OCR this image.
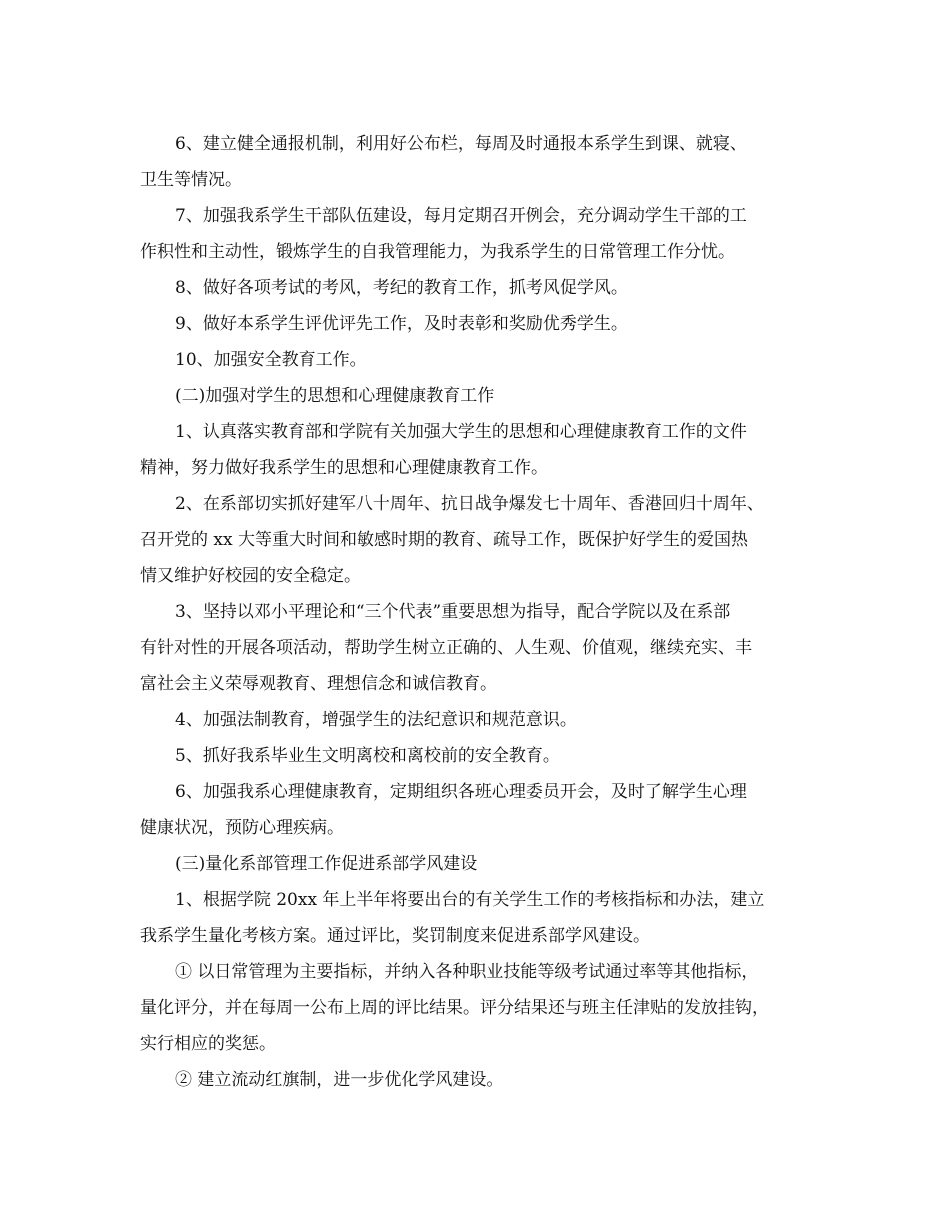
6、建立健全通报机制，利用好公布栏，每周及时通报本系学生到课、就寝、
卫生等情况。
7、加强我系学生干部队伍建设，每月定期召开例会，充分调动学生干部的工
作积性和主动性，锻炼学生的自我管理能力，为我系学生的日常管理工作分忧。
8、做好各项考试的考风，考纪的教育工作，抓考风促学风。
9、做好本系学生评优评先工作，及时表彰和奖励优秀学生。
10、加强安全教育工作。
(二)加强对学生的思想和心理健康教育工作
1、认真落实教育部和学院有关加强大学生的思想和心理健康教育工作的文件
精神，努力做好我系学生的思想和心理健康教育工作。
2、在系部切实抓好建军八十周年、抗日战争爆发七十周年、香港回归十周年、
召开党的 xx 大等重大时间和敏感时期的教育、疏导工作，既保护好学生的爱国热
情又维护好校园的安全稳定。
3、坚持以邓小平理论和“三个代表”重要思想为指导，配合学院以及在系部
有针对性的开展各项活动，帮助学生树立正确的、人生观、价值观，继续充实、丰
富社会主义荣辱观教育、理想信念和诚信教育。
4、加强法制教育，增强学生的法纪意识和规范意识。
5、抓好我系毕业生文明离校和离校前的安全教育。
6、加强我系心理健康教育，定期组织各班心理委员开会，及时了解学生心理
健康状况，预防心理疾病。
(三)量化系部管理工作促进系部学风建设
1、根据学院 20xx 年上半年将要出台的有关学生工作的考核指标和办法，建立
我系学生量化考核方案。通过评比，奖罚制度来促进系部学风建设。
① 以日常管理为主要指标，并纳入各种职业技能等级考试通过率等其他指标，
量化评分，并在每周一公布上周的评比结果。评分结果还与班主任津贴的发放挂钩，
实行相应的奖惩。
② 建立流动红旗制，进一步优化学风建设。
